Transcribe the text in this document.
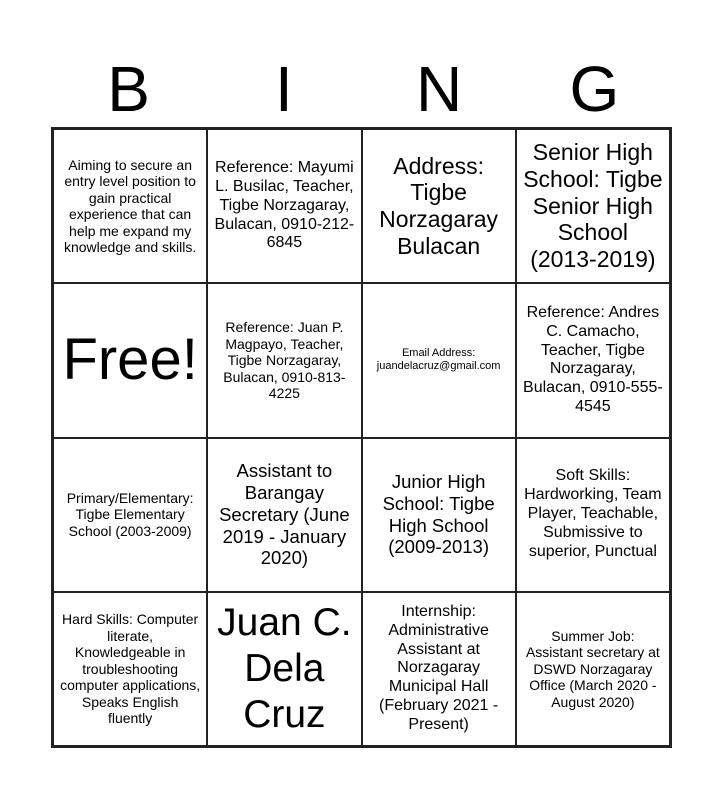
B	I	N	G
Aiming to secure an entry level position to gain practical experience that can help me expand my knowledge and skills.
Reference: Mayumi L. Busilac, Teacher, Tigbe Norzagaray, Bulacan, 0910-212-6845
Address: Tigbe Norzagaray Bulacan
Senior High School: Tigbe Senior High School (2013-2019)
Free!
Reference: Juan P. Magpayo, Teacher, Tigbe Norzagaray, Bulacan, 0910-813-4225
Email Address: juandelacruz@gmail.com
Reference: Andres C. Camacho, Teacher, Tigbe Norzagaray, Bulacan, 0910-555-4545
Primary/Elementary: Tigbe Elementary School (2003-2009)
Assistant to Barangay Secretary (June 2019 - January 2020)
Junior High School: Tigbe High School (2009-2013)
Soft Skills: Hardworking, Team Player, Teachable, Submissive to superior, Punctual
Hard Skills: Computer literate, Knowledgeable in troubleshooting computer applications, Speaks English fluently
Juan C. Dela Cruz
Internship: Administrative Assistant at Norzagaray Municipal Hall (February 2021 - Present)
Summer Job: Assistant secretary at DSWD Norzagaray Office (March 2020 - August 2020)
